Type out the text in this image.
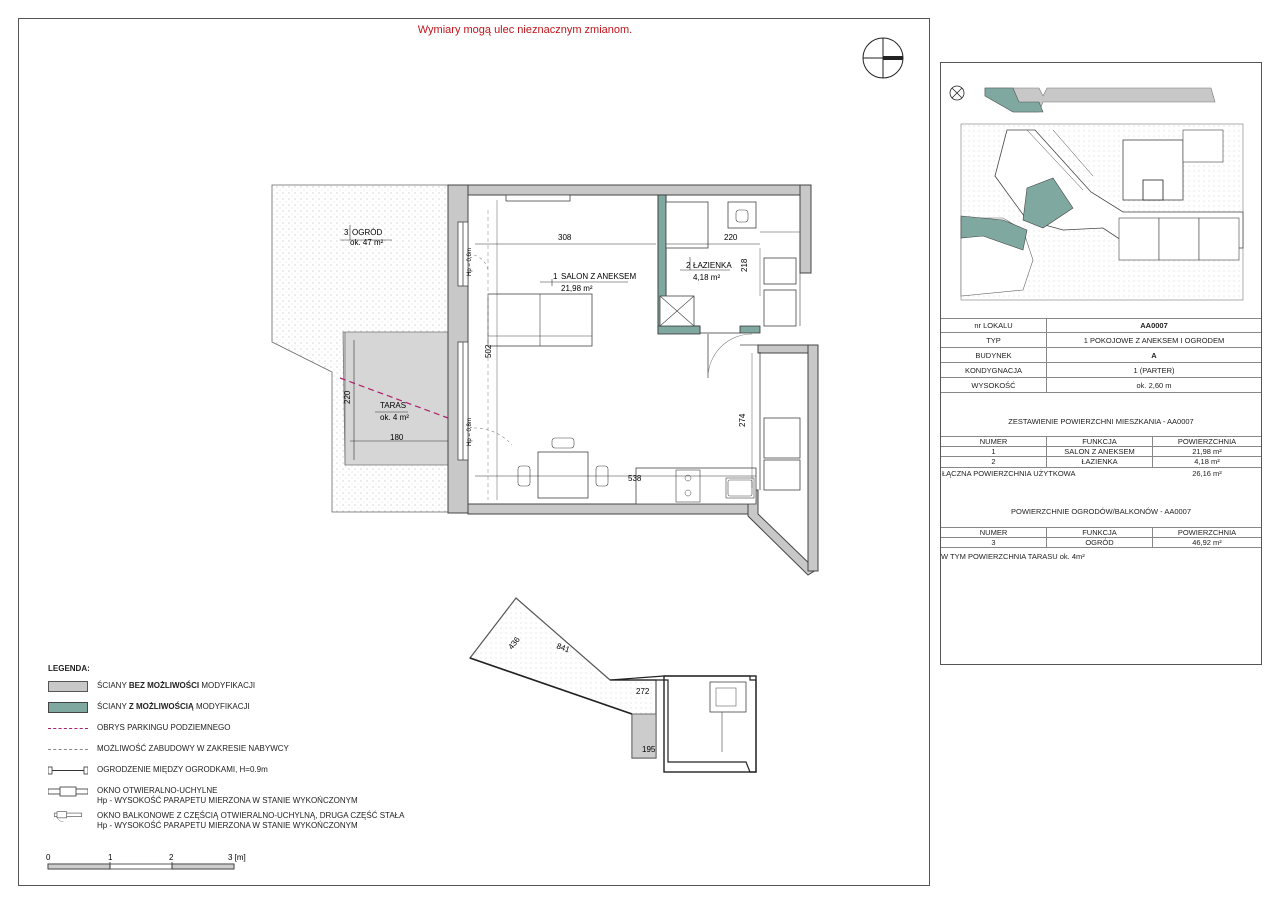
Wymiary mogą ulec nieznacznym zmianom.
3 OGRÓD
ok. 47 m²
1 SALON Z ANEKSEM
21,98 m²
2 ŁAZIENKA
4,18 m²
TARAS
ok. 4 m²
308	220
218
502
274
538
220
180
Hp = 0,6m
Hp = 0,8m
436	841
272
195
nr LOKALU	AA0007
TYP	1 POKOJOWE Z ANEKSEM I OGRODEM
BUDYNEK	A
KONDYGNACJA	1 (PARTER)
WYSOKOŚĆ	ok. 2,60 m
ZESTAWIENIE POWIERZCHNI MIESZKANIA - AA0007
NUMER	FUNKCJA	POWIERZCHNIA
1	SALON Z ANEKSEM	21,98 m²
2	ŁAZIENKA	4,18 m²
ŁĄCZNA POWIERZCHNIA UŻYTKOWA	26,16 m²
POWIERZCHNIE OGRODÓW/BALKONÓW - AA0007
NUMER	FUNKCJA	POWIERZCHNIA
3	OGRÓD	46,92 m²
W TYM POWIERZCHNIA TARASU ok. 4m²
LEGENDA:
ŚCIANY BEZ MOŻLIWOŚCI MODYFIKACJI
ŚCIANY Z MOŻLIWOŚCIĄ MODYFIKACJI
OBRYS PARKINGU PODZIEMNEGO
MOŻLIWOŚĆ ZABUDOWY W ZAKRESIE NABYWCY
OGRODZENIE MIĘDZY OGRODKAMI, H=0.9m
OKNO OTWIERALNO-UCHYLNE
Hp - WYSOKOŚĆ PARAPETU MIERZONA W STANIE WYKOŃCZONYM
OKNO BALKONOWE Z CZĘŚCIĄ OTWIERALNO-UCHYLNĄ, DRUGA CZĘŚĆ STAŁA
Hp - WYSOKOŚĆ PARAPETU MIERZONA W STANIE WYKOŃCZONYM
0	1	2	3 [m]
